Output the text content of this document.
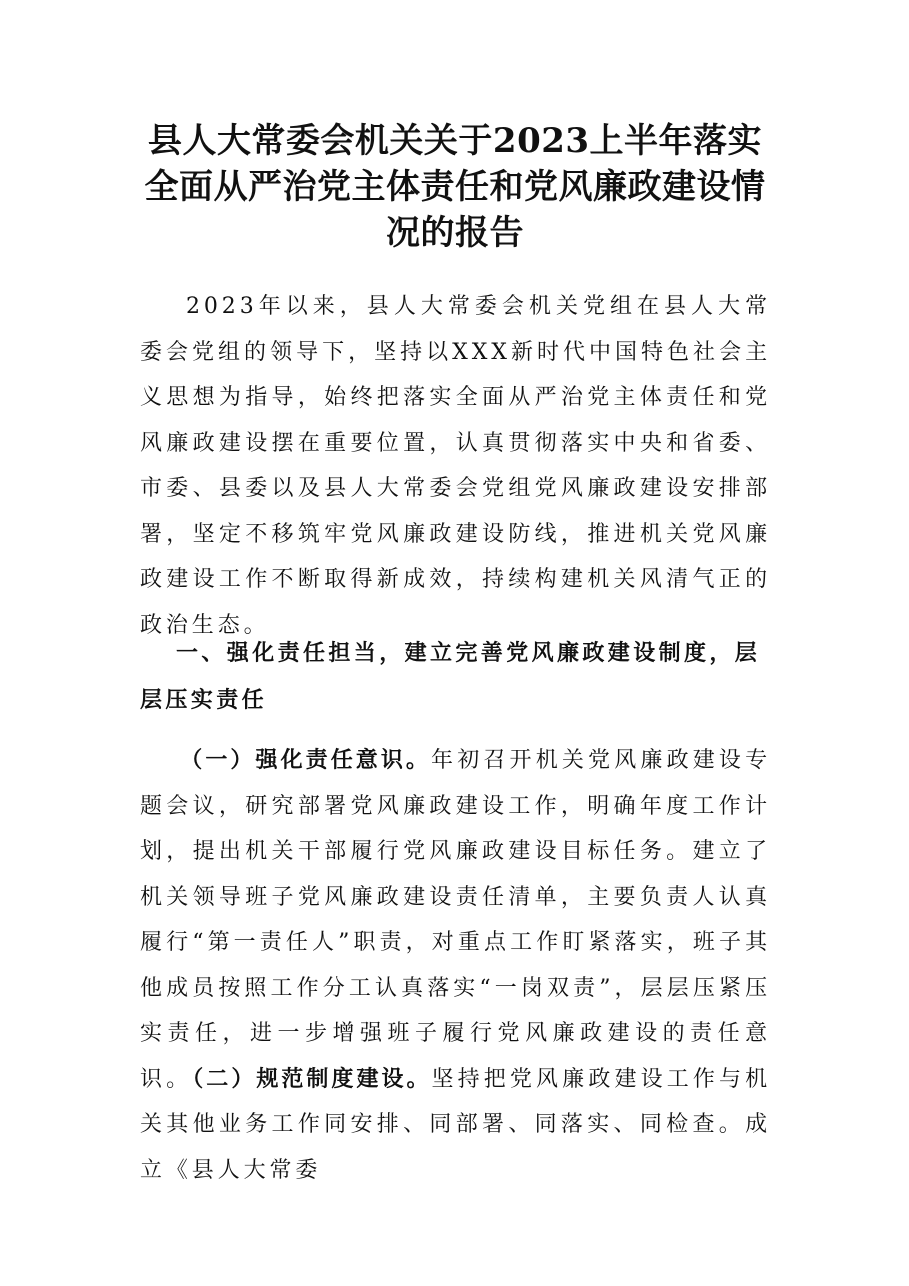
县人大常委会机关关于2023上半年落实全面从严治党主体责任和党风廉政建设情况的报告
2023年以来，县人大常委会机关党组在县人大常委会党组的领导下，坚持以XXX新时代中国特色社会主义思想为指导，始终把落实全面从严治党主体责任和党风廉政建设摆在重要位置，认真贯彻落实中央和省委、市委、县委以及县人大常委会党组党风廉政建设安排部署，坚定不移筑牢党风廉政建设防线，推进机关党风廉政建设工作不断取得新成效，持续构建机关风清气正的政治生态。
一、强化责任担当，建立完善党风廉政建设制度，层层压实责任
（一）强化责任意识。年初召开机关党风廉政建设专题会议，研究部署党风廉政建设工作，明确年度工作计划，提出机关干部履行党风廉政建设目标任务。建立了机关领导班子党风廉政建设责任清单，主要负责人认真履行“第一责任人”职责，对重点工作盯紧落实，班子其他成员按照工作分工认真落实“一岗双责”，层层压紧压实责任，进一步增强班子履行党风廉政建设的责任意识。（二）规范制度建设。坚持把党风廉政建设工作与机关其他业务工作同安排、同部署、同落实、同检查。成立《县人大常委
